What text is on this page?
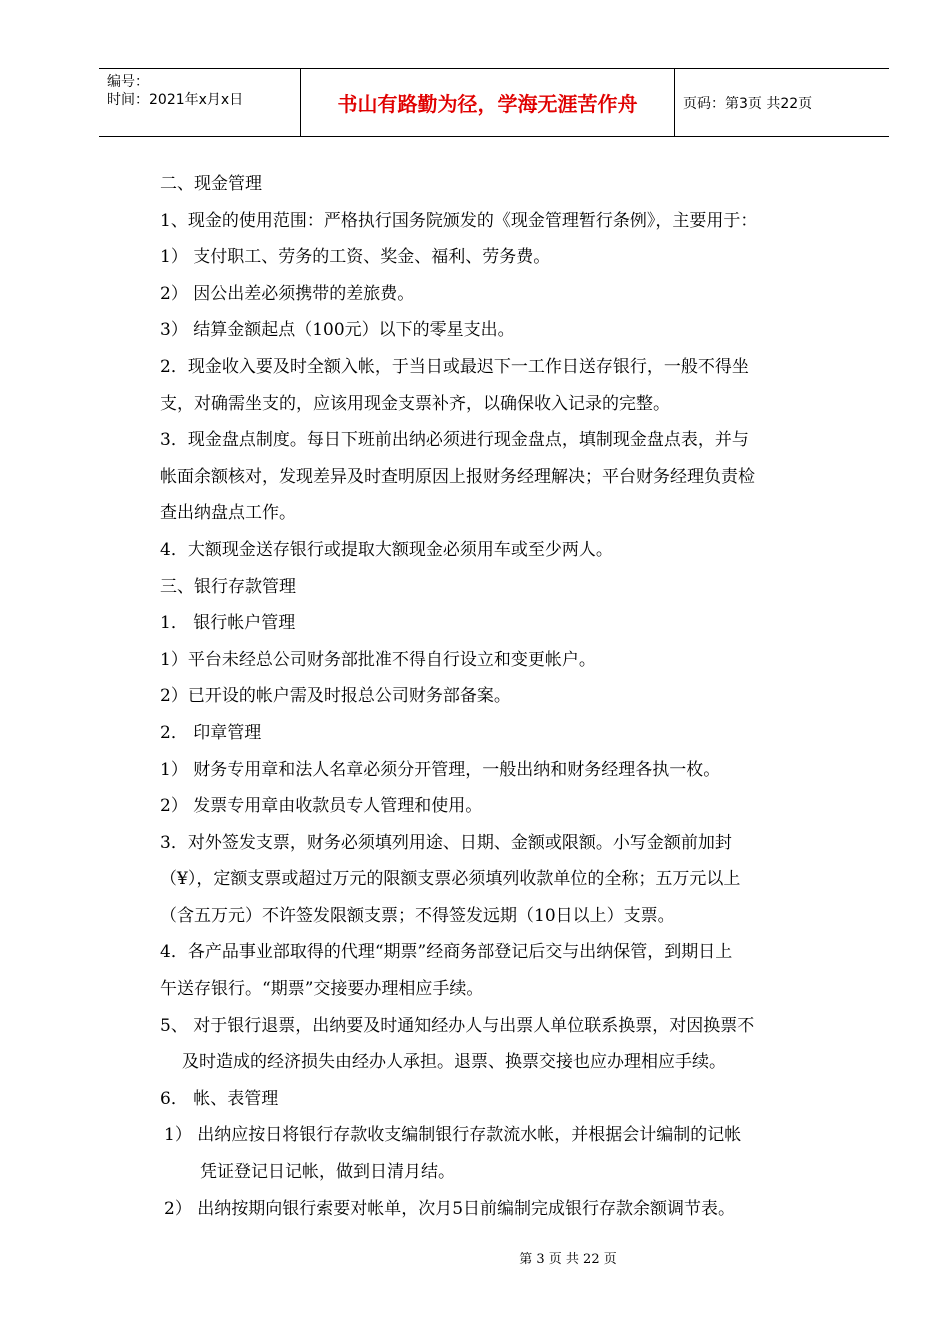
编号：
时间：2021年x月x日	书山有路勤为径，学海无涯苦作舟	页码：第3页 共22页
二、现金管理
1、现金的使用范围：严格执行国务院颁发的《现金管理暂行条例》，主要用于：
1） 支付职工、劳务的工资、奖金、福利、劳务费。
2） 因公出差必须携带的差旅费。
3） 结算金额起点（100元）以下的零星支出。
2．现金收入要及时全额入帐，于当日或最迟下一工作日送存银行，一般不得坐
支，对确需坐支的，应该用现金支票补齐，以确保收入记录的完整。
3．现金盘点制度。每日下班前出纳必须进行现金盘点，填制现金盘点表，并与
帐面余额核对，发现差异及时查明原因上报财务经理解决；平台财务经理负责检
查出纳盘点工作。
4．大额现金送存银行或提取大额现金必须用车或至少两人。
三、银行存款管理
1． 银行帐户管理
1）平台未经总公司财务部批准不得自行设立和变更帐户。
2）已开设的帐户需及时报总公司财务部备案。
2． 印章管理
1） 财务专用章和法人名章必须分开管理，一般出纳和财务经理各执一枚。
2） 发票专用章由收款员专人管理和使用。
3．对外签发支票，财务必须填列用途、日期、金额或限额。小写金额前加封
（¥），定额支票或超过万元的限额支票必须填列收款单位的全称；五万元以上
（含五万元）不许签发限额支票；不得签发远期（10日以上）支票。
4．各产品事业部取得的代理“期票”经商务部登记后交与出纳保管，到期日上
午送存银行。“期票”交接要办理相应手续。
5、 对于银行退票，出纳要及时通知经办人与出票人单位联系换票，对因换票不
及时造成的经济损失由经办人承担。退票、换票交接也应办理相应手续。
6． 帐、表管理
1） 出纳应按日将银行存款收支编制银行存款流水帐，并根据会计编制的记帐
凭证登记日记帐，做到日清月结。
2） 出纳按期向银行索要对帐单，次月5日前编制完成银行存款余额调节表。
第 3 页 共 22 页
